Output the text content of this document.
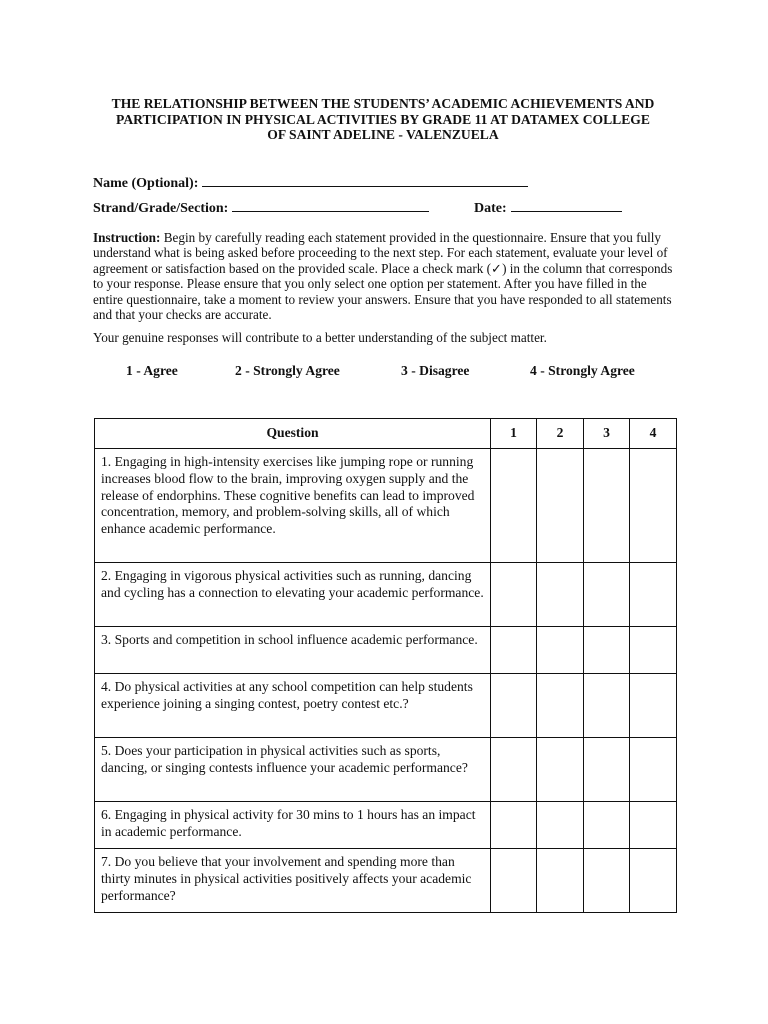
THE RELATIONSHIP BETWEEN THE STUDENTS’ ACADEMIC ACHIEVEMENTS AND
PARTICIPATION IN PHYSICAL ACTIVITIES BY GRADE 11 AT DATAMEX COLLEGE
OF SAINT ADELINE - VALENZUELA
Name (Optional):
Strand/Grade/Section:	Date:
Instruction: Begin by carefully reading each statement provided in the questionnaire. Ensure that you fully understand what is being asked before proceeding to the next step. For each statement, evaluate your level of agreement or satisfaction based on the provided scale. Place a check mark (✓) in the column that corresponds to your response. Please ensure that you only select one option per statement. After you have filled in the entire questionnaire, take a moment to review your answers. Ensure that you have responded to all statements and that your checks are accurate.
Your genuine responses will contribute to a better understanding of the subject matter.
1 - Agree	2 - Strongly Agree	3 - Disagree	4 - Strongly Agree
Question	1	2	3	4
1. Engaging in high-intensity exercises like jumping rope or running increases blood flow to the brain, improving oxygen supply and the release of endorphins. These cognitive benefits can lead to improved concentration, memory, and problem-solving skills, all of which enhance academic performance.				
2. Engaging in vigorous physical activities such as running, dancing and cycling has a connection to elevating your academic performance.				
3. Sports and competition in school influence academic performance.				
4. Do physical activities at any school competition can help students experience joining a singing contest, poetry contest etc.?				
5. Does your participation in physical activities such as sports, dancing, or singing contests influence your academic performance?				
6. Engaging in physical activity for 30 mins to 1 hours has an impact in academic performance.				
7. Do you believe that your involvement and spending more than thirty minutes in physical activities positively affects your academic performance?				
